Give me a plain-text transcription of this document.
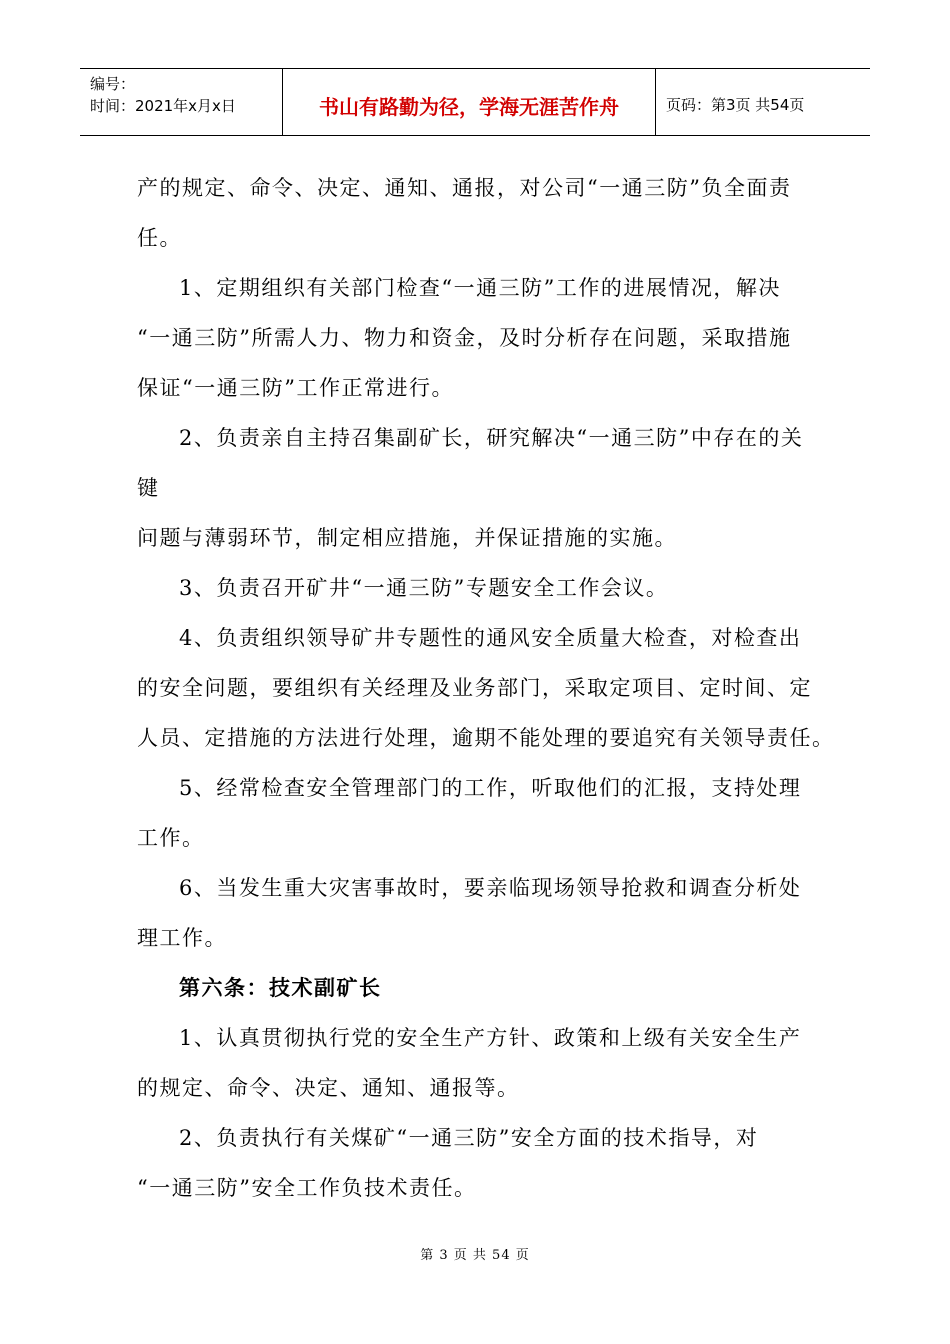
编号：
时间：2021年x月x日	书山有路勤为径，学海无涯苦作舟	页码：第3页 共54页
产的规定、命令、决定、通知、通报，对公司“一通三防”负全面责
任。
1、定期组织有关部门检查“一通三防”工作的进展情况，解决
“一通三防”所需人力、物力和资金，及时分析存在问题，采取措施
保证“一通三防”工作正常进行。
2、负责亲自主持召集副矿长，研究解决“一通三防”中存在的关
键
问题与薄弱环节，制定相应措施，并保证措施的实施。
3、负责召开矿井“一通三防”专题安全工作会议。
4、负责组织领导矿井专题性的通风安全质量大检查，对检查出
的安全问题，要组织有关经理及业务部门，采取定项目、定时间、定
人员、定措施的方法进行处理，逾期不能处理的要追究有关领导责任。
5、经常检查安全管理部门的工作，听取他们的汇报，支持处理
工作。
6、当发生重大灾害事故时，要亲临现场领导抢救和调查分析处
理工作。
第六条：技术副矿长
1、认真贯彻执行党的安全生产方针、政策和上级有关安全生产
的规定、命令、决定、通知、通报等。
2、负责执行有关煤矿“一通三防”安全方面的技术指导，对
“一通三防”安全工作负技术责任。
第 3 页 共 54 页
